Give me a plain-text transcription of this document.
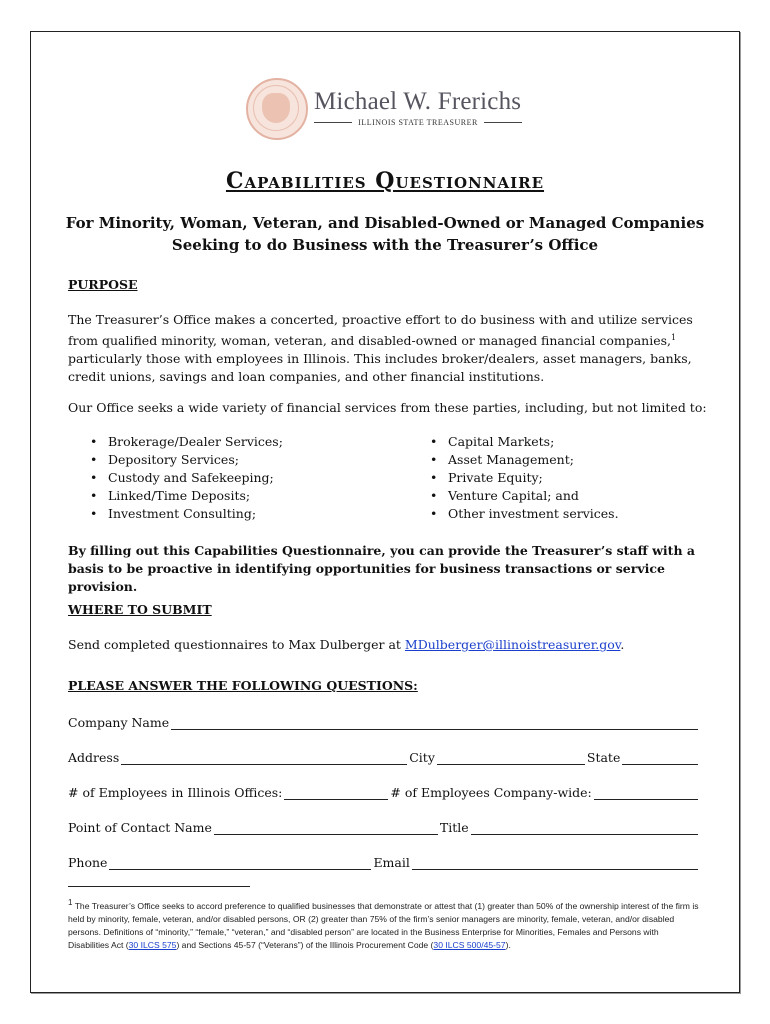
Michael W. Frerichs
ILLINOIS STATE TREASURER
Capabilities Questionnaire
For Minority, Woman, Veteran, and Disabled-Owned or Managed Companies
Seeking to do Business with the Treasurer’s Office
PURPOSE
The Treasurer’s Office makes a concerted, proactive effort to do business with and utilize services from qualified minority, woman, veteran, and disabled-owned or managed financial companies,$^1$ particularly those with employees in Illinois. This includes broker/dealers, asset managers, banks, credit unions, savings and loan companies, and other financial institutions.
Our Office seeks a wide variety of financial services from these parties, including, but not limited to:
• Brokerage/Dealer Services;
• Depository Services;
• Custody and Safekeeping;
• Linked/Time Deposits;
• Investment Consulting;
• Capital Markets;
• Asset Management;
• Private Equity;
• Venture Capital; and
• Other investment services.
By filling out this Capabilities Questionnaire, you can provide the Treasurer’s staff with a basis to be proactive in identifying opportunities for business transactions or service provision.
WHERE TO SUBMIT
Send completed questionnaires to Max Dulberger at MDulberger@illinoistreasurer.gov.
PLEASE ANSWER THE FOLLOWING QUESTIONS:
Company Name
Address	City	State
# of Employees in Illinois Offices:	# of Employees Company-wide:
Point of Contact Name	Title
Phone	Email
$^1$ The Treasurer’s Office seeks to accord preference to qualified businesses that demonstrate or attest that (1) greater than 50% of the ownership interest of the firm is held by minority, female, veteran, and/or disabled persons, OR (2) greater than 75% of the firm’s senior managers are minority, female, veteran, and/or disabled persons. Definitions of “minority,” “female,” “veteran,” and “disabled person” are located in the Business Enterprise for Minorities, Females and Persons with Disabilities Act (30 ILCS 575) and Sections 45-57 (“Veterans”) of the Illinois Procurement Code (30 ILCS 500/45-57).
